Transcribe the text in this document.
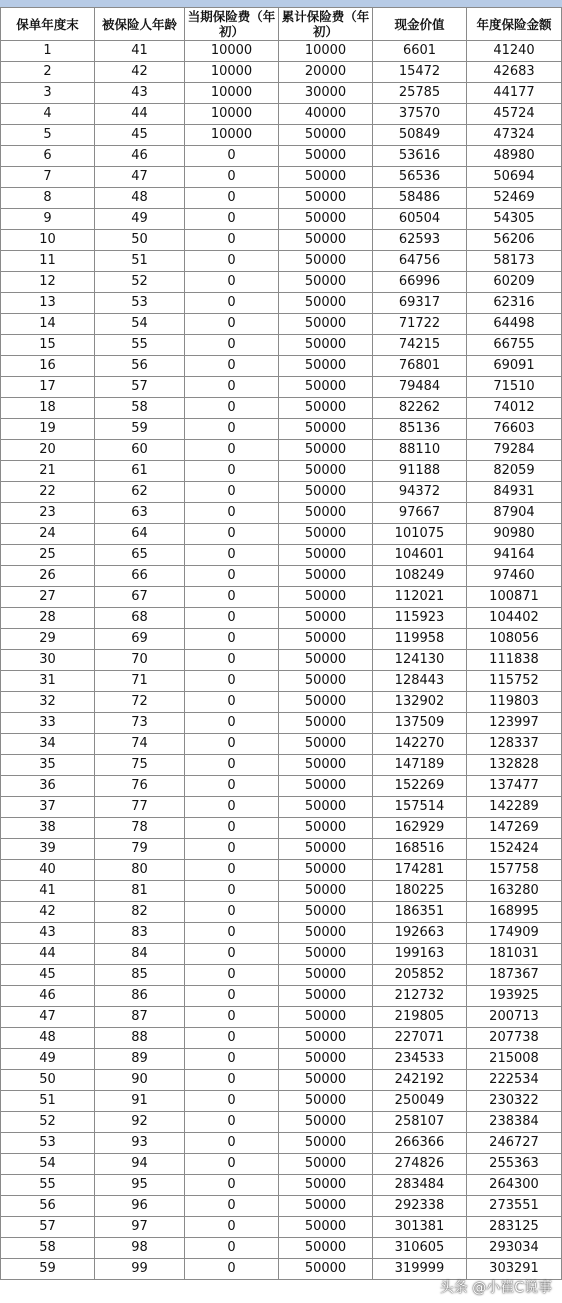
保单年度末	被保险人年龄	当期保险费（年初）	累计保险费（年初）	现金价值	年度保险金额
1	41	10000	10000	6601	41240
2	42	10000	20000	15472	42683
3	43	10000	30000	25785	44177
4	44	10000	40000	37570	45724
5	45	10000	50000	50849	47324
6	46	0	50000	53616	48980
7	47	0	50000	56536	50694
8	48	0	50000	58486	52469
9	49	0	50000	60504	54305
10	50	0	50000	62593	56206
11	51	0	50000	64756	58173
12	52	0	50000	66996	60209
13	53	0	50000	69317	62316
14	54	0	50000	71722	64498
15	55	0	50000	74215	66755
16	56	0	50000	76801	69091
17	57	0	50000	79484	71510
18	58	0	50000	82262	74012
19	59	0	50000	85136	76603
20	60	0	50000	88110	79284
21	61	0	50000	91188	82059
22	62	0	50000	94372	84931
23	63	0	50000	97667	87904
24	64	0	50000	101075	90980
25	65	0	50000	104601	94164
26	66	0	50000	108249	97460
27	67	0	50000	112021	100871
28	68	0	50000	115923	104402
29	69	0	50000	119958	108056
30	70	0	50000	124130	111838
31	71	0	50000	128443	115752
32	72	0	50000	132902	119803
33	73	0	50000	137509	123997
34	74	0	50000	142270	128337
35	75	0	50000	147189	132828
36	76	0	50000	152269	137477
37	77	0	50000	157514	142289
38	78	0	50000	162929	147269
39	79	0	50000	168516	152424
40	80	0	50000	174281	157758
41	81	0	50000	180225	163280
42	82	0	50000	186351	168995
43	83	0	50000	192663	174909
44	84	0	50000	199163	181031
45	85	0	50000	205852	187367
46	86	0	50000	212732	193925
47	87	0	50000	219805	200713
48	88	0	50000	227071	207738
49	89	0	50000	234533	215008
50	90	0	50000	242192	222534
51	91	0	50000	250049	230322
52	92	0	50000	258107	238384
53	93	0	50000	266366	246727
54	94	0	50000	274826	255363
55	95	0	50000	283484	264300
56	96	0	50000	292338	273551
57	97	0	50000	301381	283125
58	98	0	50000	310605	293034
59	99	0	50000	319999	303291
头条 @小崔C说事
